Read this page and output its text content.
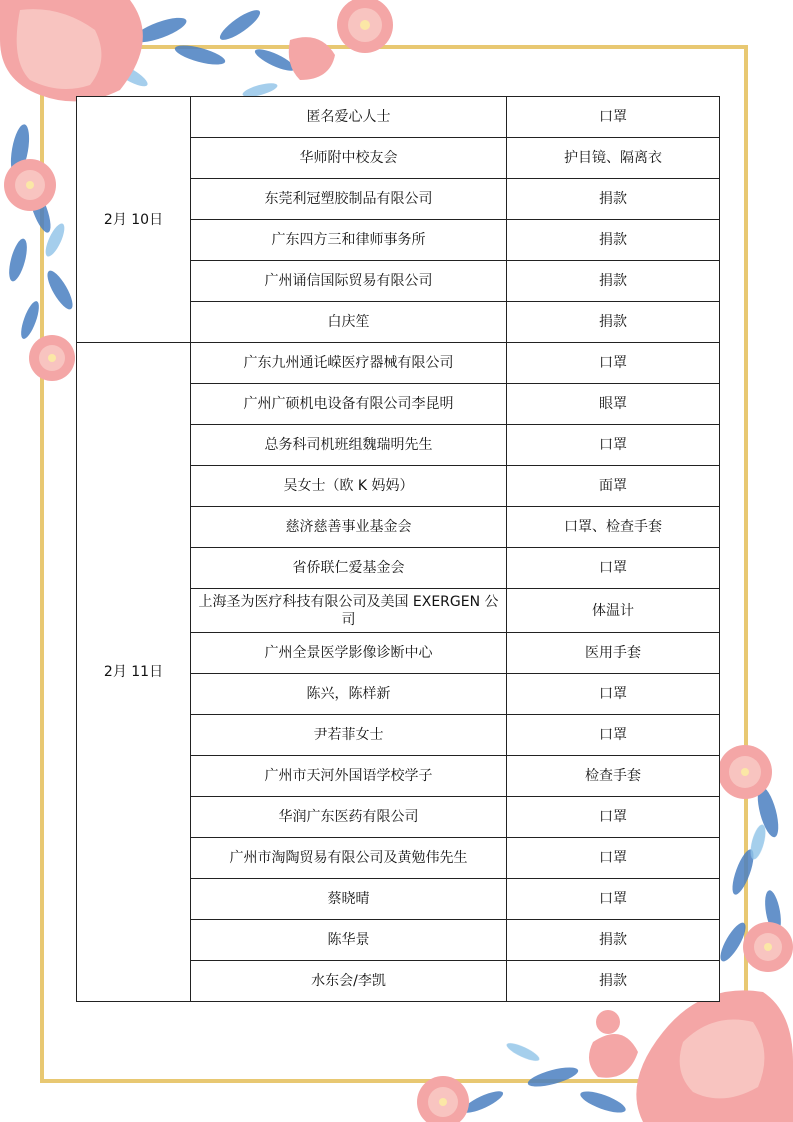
2月 10日	匿名爱心人士	口罩
	华师附中校友会	护目镜、隔离衣
	东莞利冠塑胶制品有限公司	捐款
	广东四方三和律师事务所	捐款
	广州诵信国际贸易有限公司	捐款
	白庆笙	捐款
2月 11日	广东九州通讬嵘医疗器械有限公司	口罩
	广州广硕机电设备有限公司李昆明	眼罩
	总务科司机班组魏瑞明先生	口罩
	吴女士（欧 K 妈妈）	面罩
	慈济慈善事业基金会	口罩、检查手套
	省侨联仁爱基金会	口罩
	上海圣为医疗科技有限公司及美国 EXERGEN 公司	体温计
	广州全景医学影像诊断中心	医用手套
	陈兴，陈样新	口罩
	尹若菲女士	口罩
	广州市天河外国语学校学子	检查手套
	华润广东医药有限公司	口罩
	广州市淘陶贸易有限公司及黄勉伟先生	口罩
	蔡晓晴	口罩
	陈华景	捐款
	水东会/李凯	捐款
